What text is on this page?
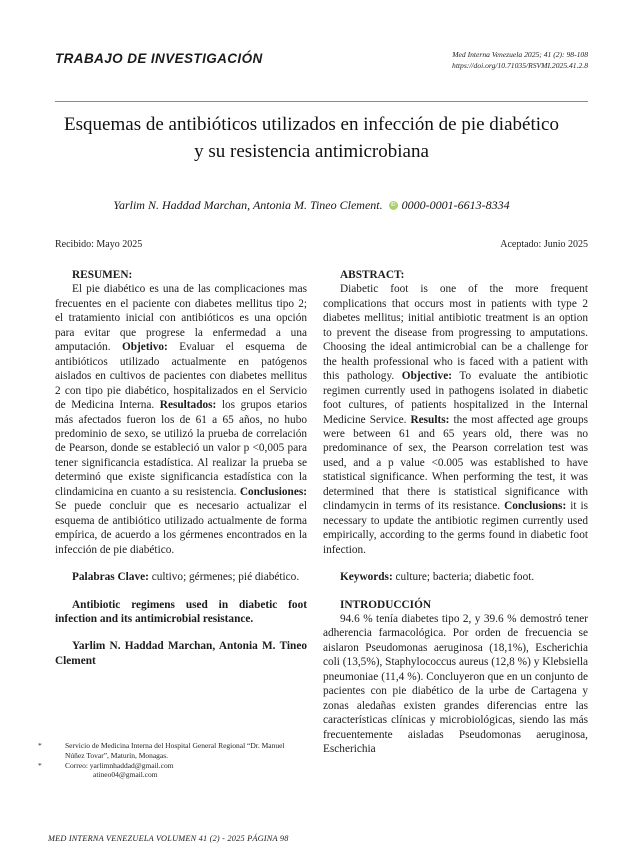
TRABAJO DE INVESTIGACIÓN	Med Interna Venezuela 2025; 41 (2): 98-108
https://doi.org/10.71035/RSVMI.2025.41.2.8
Esquemas de antibióticos utilizados en infección de pie diabético
y su resistencia antimicrobiana
Yarlim N. Haddad Marchan, Antonia M. Tineo Clement. iD 0000-0001-6613-8334
Recibido: Mayo 2025	Aceptado: Junio 2025

RESUMEN:

El pie diabético es una de las complicaciones mas frecuentes en el paciente con diabetes mellitus tipo 2; el tratamiento inicial con antibióticos es una opción para evitar que progrese la enfermedad a una amputación. Objetivo: Evaluar el esquema de antibióticos utilizado actualmente en patógenos aislados en cultivos de pacientes con diabetes mellitus 2 con tipo pie diabético, hospitalizados en el Servicio de Medicina Interna. Resultados: los grupos etarios más afectados fueron los de 61 a 65 años, no hubo predominio de sexo, se utilizó la prueba de correlación de Pearson, donde se estableció un valor p <0,005 para tener significancia estadística. Al realizar la prueba se determinó que existe significancia estadística con la clindamicina en cuanto a su resistencia. Conclusiones: Se puede concluir que es necesario actualizar el esquema de antibiótico utilizado actualmente de forma empírica, de acuerdo a los gérmenes encontrados en la infección de pie diabético.

Palabras Clave: cultivo; gérmenes; pié diabético.

Antibiotic regimens used in diabetic foot infection and its antimicrobial resistance.

Yarlim N. Haddad Marchan, Antonia M. Tineo Clement

ABSTRACT:

Diabetic foot is one of the more frequent complications that occurs most in patients with type 2 diabetes mellitus; initial antibiotic treatment is an option to prevent the disease from progressing to amputations. Choosing the ideal antimicrobial can be a challenge for the health professional who is faced with a patient with this pathology. Objective: To evaluate the antibiotic regimen currently used in pathogens isolated in diabetic foot cultures, of patients hospitalized in the Internal Medicine Service. Results: the most affected age groups were between 61 and 65 years old, there was no predominance of sex, the Pearson correlation test was used, and a p value <0.005 was established to have statistical significance. When performing the test, it was determined that there is statistical significance with clindamycin in terms of its resistance. Conclusions: it is necessary to update the antibiotic regimen currently used empirically, according to the germs found in diabetic foot infection.

Keywords: culture; bacteria; diabetic foot.

INTRODUCCIÓN

94.6 % tenía diabetes tipo 2, y 39.6 % demostró tener adherencia farmacológica. Por orden de frecuencia se aislaron Pseudomonas aeruginosa (18,1%), Escherichia coli (13,5%), Staphylococcus aureus (12,8 %) y Klebsiella pneumoniae (11,4 %). Concluyeron que en un conjunto de pacientes con pie diabético de la urbe de Cartagena y zonas aledañas existen grandes diferencias entre las características clínicas y microbiológicas, siendo las más frecuentemente aisladas Pseudomonas aeruginosa, Escherichia

*	Servicio de Medicina Interna del Hospital General Regional “Dr. Manuel Núñez Tovar”, Maturín, Monagas.
*	Correo: yarlimnhaddad@gmail.com
atineo04@gmail.com
MED INTERNA VENEZUELA VOLUMEN 41 (2) - 2025 PÁGINA 98
